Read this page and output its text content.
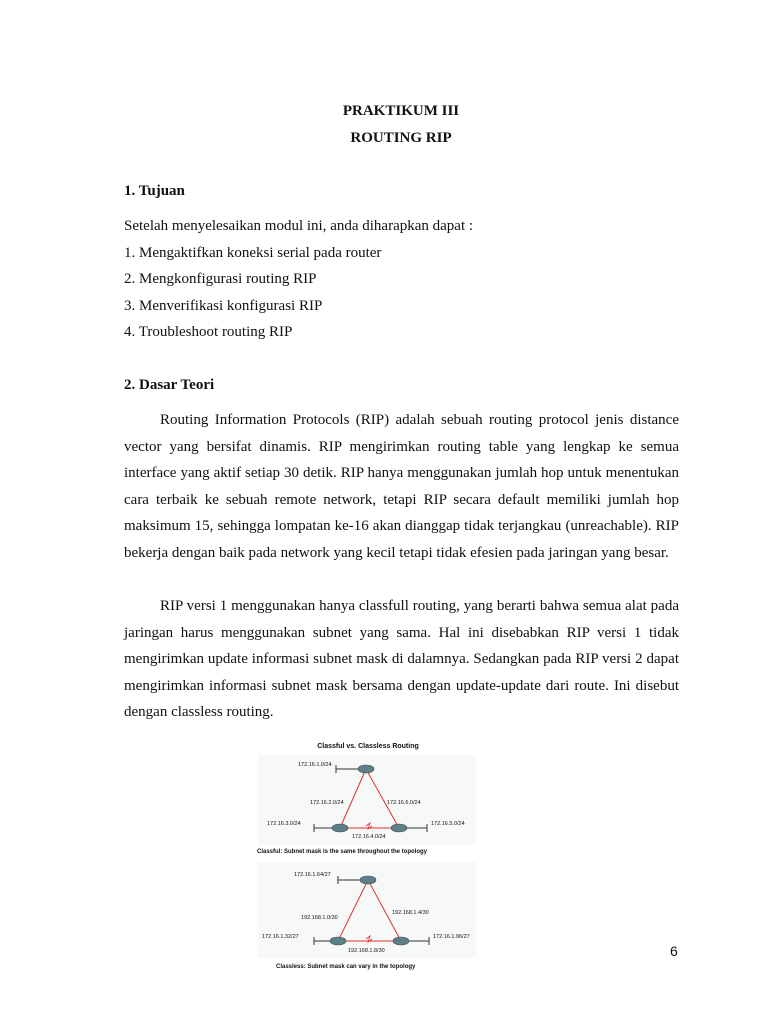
PRAKTIKUM III
ROUTING RIP
1. Tujuan
Setelah menyelesaikan modul ini, anda diharapkan dapat :
1. Mengaktifkan koneksi serial pada router
2. Mengkonfigurasi routing RIP
3. Menverifikasi konfigurasi RIP
4. Troubleshoot routing RIP
2. Dasar Teori
Routing Information Protocols (RIP) adalah sebuah routing protocol jenis distance vector yang bersifat dinamis. RIP mengirimkan routing table yang lengkap ke semua interface yang aktif setiap 30 detik. RIP hanya menggunakan jumlah hop untuk menentukan cara terbaik ke sebuah remote network, tetapi RIP secara default memiliki jumlah hop maksimum 15, sehingga lompatan ke-16 akan dianggap tidak terjangkau (unreachable). RIP bekerja dengan baik pada network yang kecil tetapi tidak efesien pada jaringan yang besar.
RIP versi 1 menggunakan hanya classfull routing, yang berarti bahwa semua alat pada jaringan harus menggunakan subnet yang sama. Hal ini disebabkan RIP versi 1 tidak mengirimkan update informasi subnet mask di dalamnya. Sedangkan pada RIP versi 2 dapat mengirimkan informasi subnet mask bersama dengan update-update dari route. Ini disebut dengan classless routing.
Classful vs. Classless Routing
172.16.1.0/24
172.16.2.0/24	172.16.6.0/24
172.16.3.0/24	172.16.5.0/24
172.16.4.0/24
Classful: Subnet mask is the same throughout the topology
172.16.1.64/27
192.168.1.0/30
192.168.1.4/30
172.16.1.32/27	172.16.1.96/27
192.168.1.8/30
Classless: Subnet mask can vary in the topology
6
